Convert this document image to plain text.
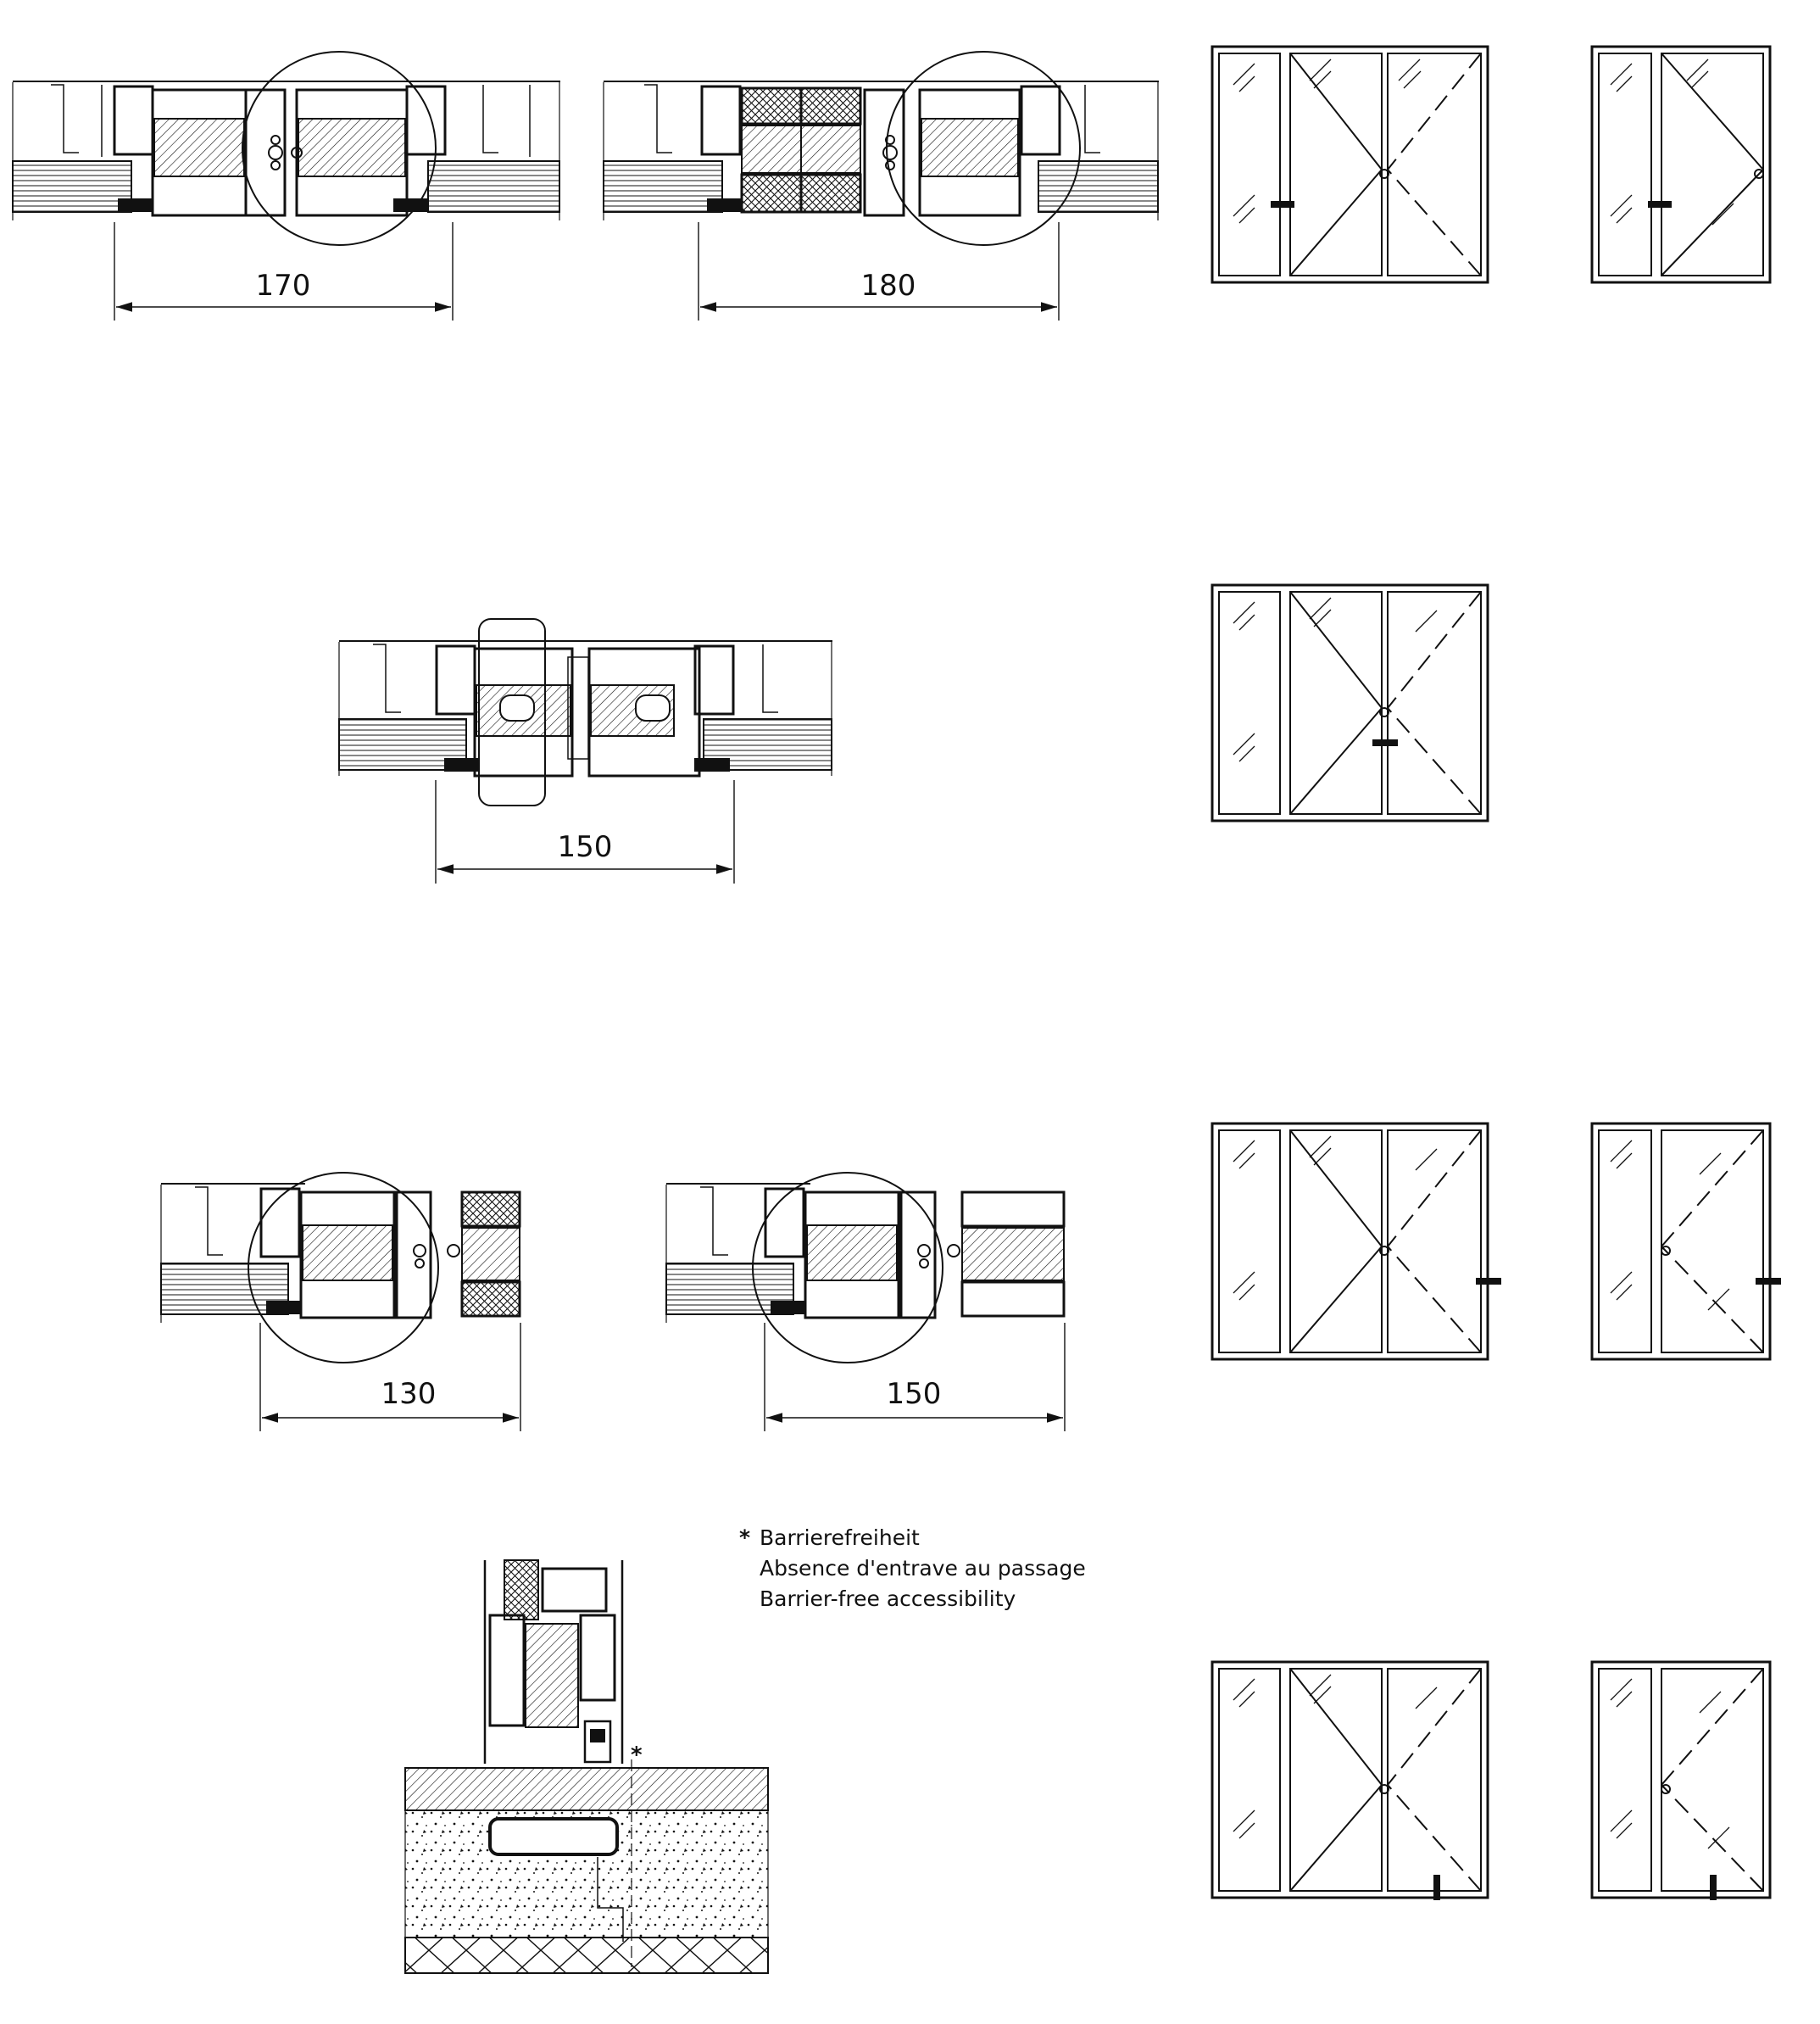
170	180
150
130	150
*
* Barrierefreiheit
Absence d'entrave au passage
Barrier-free accessibility
